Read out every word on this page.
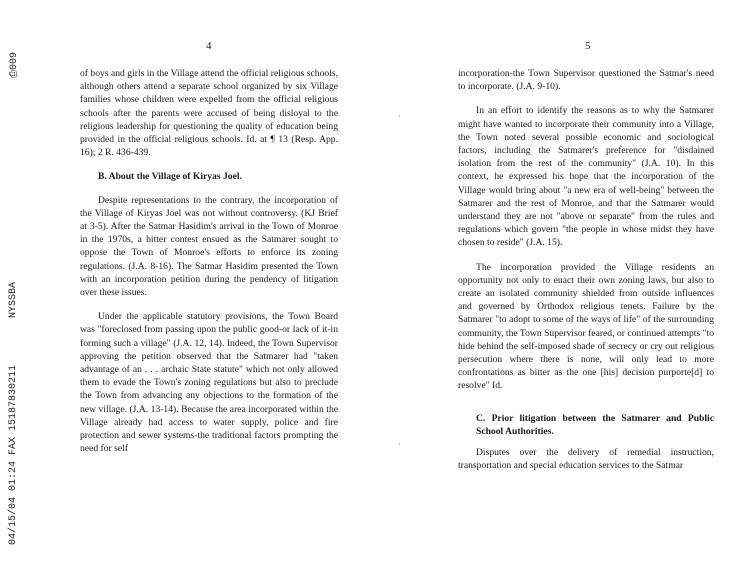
⎙009
NYSSBA
04/15/04 01:24 FAX 15187830211
4

of boys and girls in the Village attend the official religious schools, although others attend a separate school organized by six Village families whose children were expelled from the official religious schools after the parents were accused of being disloyal to the religious leadership for questioning the quality of education being provided in the official religious schools. Id. at ¶ 13 (Resp. App. 16); 2 R. 436-439.

B. About the Village of Kiryas Joel.

Despite representations to the contrary, the incorporation of the Village of Kiryas Joel was not without controversy. (KJ Brief at 3-5). After the Satmar Hasidim's arrival in the Town of Monroe in the 1970s, a bitter contest ensued as the Satmarer sought to oppose the Town of Monroe's efforts to enforce its zoning regulations. (J.A. 8-16). The Satmar Hasidim presented the Town with an incorporation petition during the pendency of litigation over these issues.

Under the applicable statutory provisions, the Town Board was "foreclosed from passing upon the public good-or lack of it-in forming such a village" (J.A. 12, 14). Indeed, the Town Supervisor approving the petition observed that the Satmarer had "taken advantage of an . . . archaic State statute" which not only allowed them to evade the Town's zoning regulations but also to preclude the Town from advancing any objections to the formation of the new village. (J.A. 13-14). Because the area incorporated within the Village already had access to water supply, police and fire protection and sewer systems-the traditional factors prompting the need for self

·
·
5

incorporation-the Town Supervisor questioned the Satmar's need to incorporate. (J.A. 9-10).

In an effort to identify the reasons as to why the Satmarer might have wanted to incorporate their community into a Village, the Town noted several possible economic and sociological factors, including the Satmarer's preference for "disdained isolation from the rest of the community" (J.A. 10). In this context, he expressed his hope that the incorporation of the Village would bring about "a new era of well-being" between the Satmarer and the rest of Monroe, and that the Satmarer would understand they are not "above or separate" from the rules and regulations which govern "the people in whose midst they have chosen to reside" (J.A. 15).

The incorporation provided the Village residents an opportunity not only to enact their own zoning laws, but also to create an isolated community shielded from outside influences and governed by Orthodox religious tenets. Failure by the Satmarer "to adopt to some of the ways of life" of the surrounding community, the Town Supervisor feared, or continued attempts "to hide behind the self-imposed shade of secrecy or cry out religious persecution where there is none, will only lead to more confrontations as bitter as the one [his] decision purporte[d] to resolve" Id.

C. Prior litigation between the Satmarer and Public School Authorities.

Disputes over the delivery of remedial instruction, transportation and special education services to the Satmar
